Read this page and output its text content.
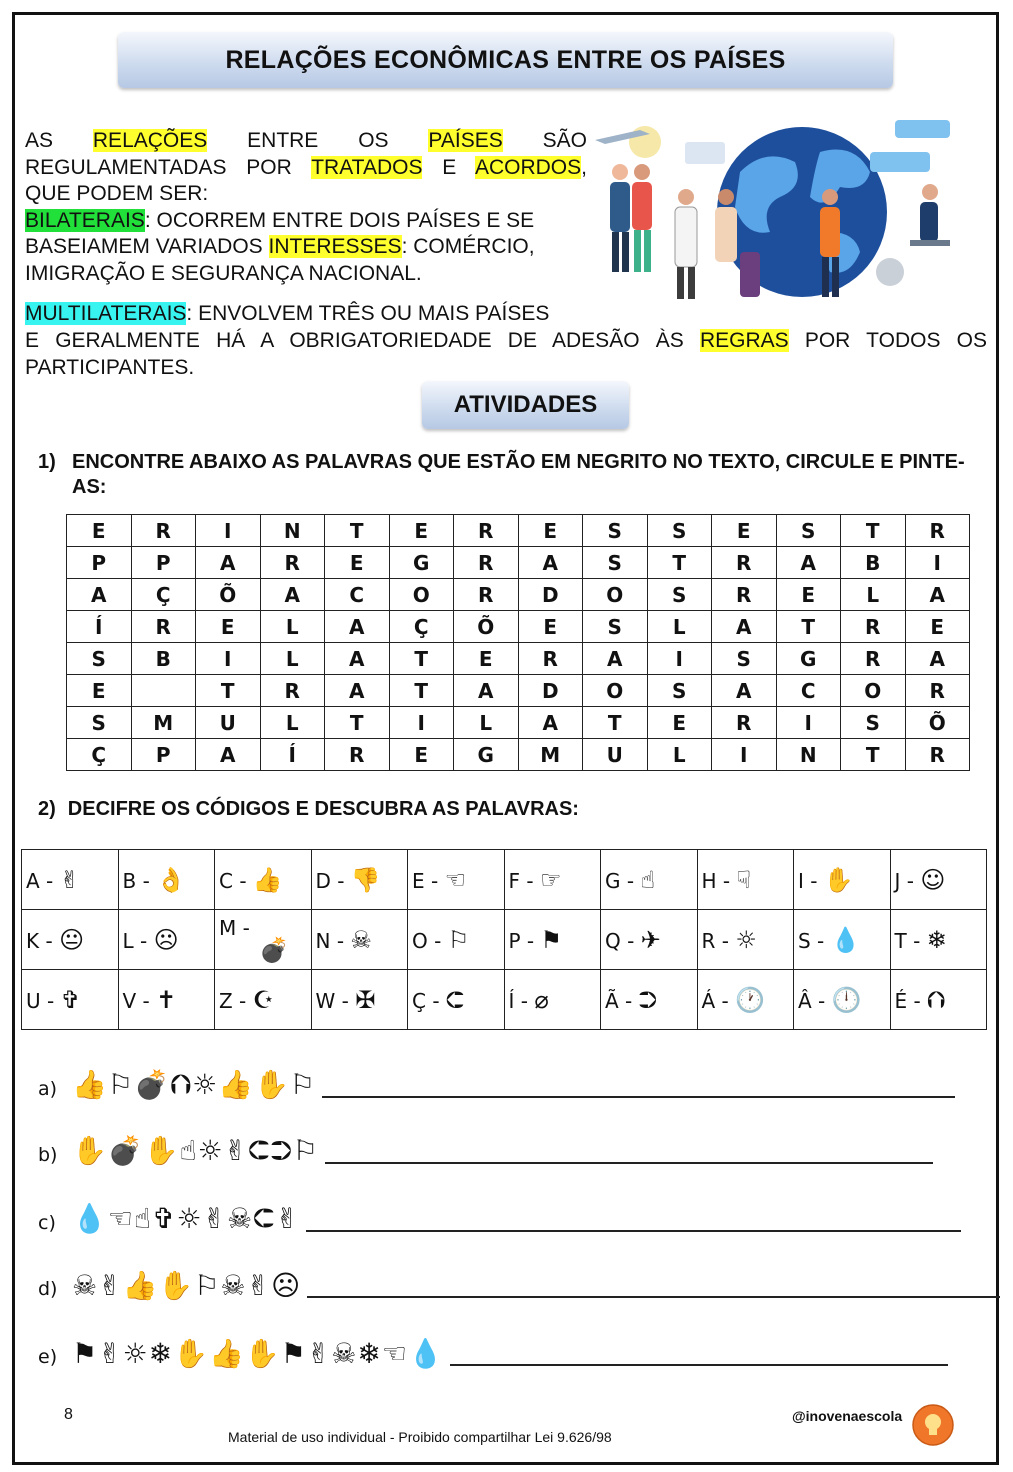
RELAÇÕES ECONÔMICAS ENTRE OS PAÍSES

AS RELAÇÕES ENTRE OS PAÍSES SÃO

REGULAMENTADAS POR TRATADOS E ACORDOS,

QUE PODEM SER:

BILATERAIS: OCORREM ENTRE DOIS PAÍSES E SE

BASEIAMEM VARIADOS INTERESSES: COMÉRCIO,

IMIGRAÇÃO E SEGURANÇA NACIONAL.

MULTILATERAIS: ENVOLVEM TRÊS OU MAIS PAÍSES

E GERALMENTE HÁ A OBRIGATORIEDADE DE ADESÃO ÀS REGRAS POR TODOS OS

PARTICIPANTES.

ATIVIDADES
1) ENCONTRE ABAIXO AS PALAVRAS QUE ESTÃO EM NEGRITO NO TEXTO, CIRCULE E PINTE-AS:
E	R	I	N	T	E	R	E	S	S	E	S	T	R
P	P	A	R	E	G	R	A	S	T	R	A	B	I
A	Ç	Õ	A	C	O	R	D	O	S	R	E	L	A
Í	R	E	L	A	Ç	Õ	E	S	L	A	T	R	E
S	B	I	L	A	T	E	R	A	I	S	G	R	A
E		T	R	A	T	A	D	O	S	A	C	O	R
S	M	U	L	T	I	L	A	T	E	R	I	S	Õ
Ç	P	A	Í	R	E	G	M	U	L	I	N	T	R
2) DECIFRE OS CÓDIGOS E DESCUBRA AS PALAVRAS:
A - ✌	B - 👌	C - 👍	D - 👎	E - ☜	F - ☞	G - ☝	H - ☟	I - ✋	J - ☺
K - 😐	L - ☹	M -
💣	N - ☠	O - ⚐	P - ⚑	Q - ✈	R - ☼	S - 💧	T - ❄
U - ✞	V - ✝	Z - ☪	W - ✠	Ç - ⮈	Í - ⌀	Ã - ⮊	Á - 🕐	Â - 🕛	É - ⮉
a) 👍⚐💣⮉☼👍✋⚐
b) ✋💣✋☝☼✌⮈⮊⚐
c) 💧☜☝✞☼✌☠⮈✌
d) ☠✌👍✋⚐☠✌☹
e) ⚑✌☼❄✋👍✋⚑✌☠❄☜💧
8
Material de uso individual - Proibido compartilhar Lei 9.626/98
@inovenaescola
